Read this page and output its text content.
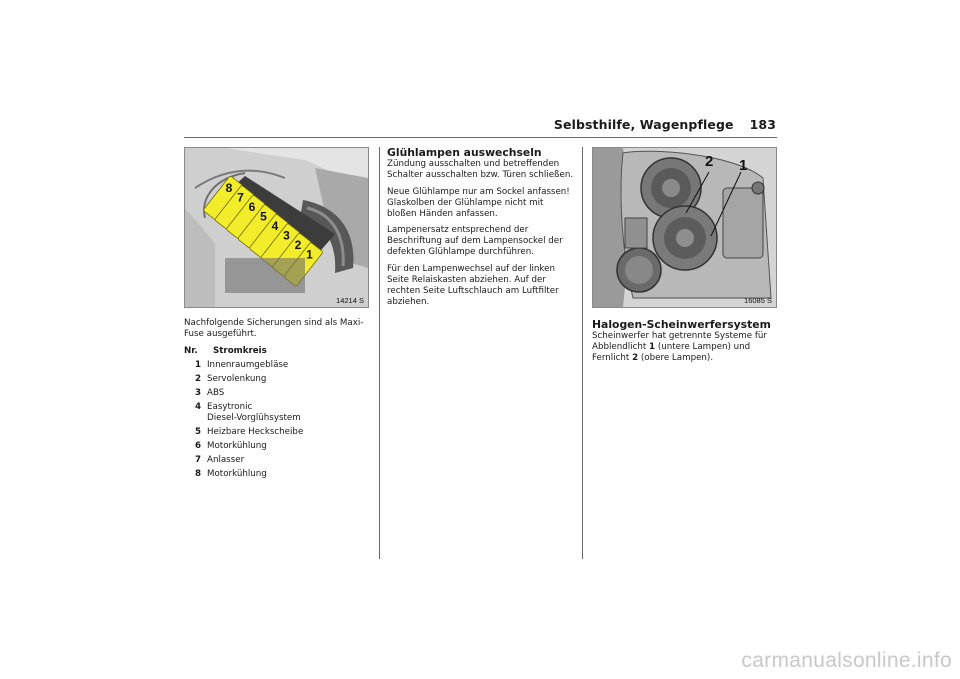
Selbsthilfe, Wagenpflege 183
8
7
6
5
4
3
2
1
14214 S

Nachfolgende Sicherungen sind als Maxi-Fuse ausgeführt.

Nr.	Stromkreis
1 Innenraumgebläse
2 Servolenkung
3 ABS
4 Easytronic
Diesel-Vorglühsystem
5 Heizbare Heckscheibe
6 Motorkühlung
7 Anlasser
8 Motorkühlung
Glühlampen auswechseln

Zündung ausschalten und betreffenden Schalter ausschalten bzw. Türen schließen.

Neue Glühlampe nur am Sockel anfassen! Glaskolben der Glühlampe nicht mit bloßen Händen anfassen.

Lampenersatz entsprechend der Beschriftung auf dem Lampensockel der defekten Glühlampe durchführen.

Für den Lampenwechsel auf der linken Seite Relaiskasten abziehen. Auf der rechten Seite Luftschlauch am Luftfilter abziehen.

2 1
16085 S
Halogen-Scheinwerfersystem

Scheinwerfer hat getrennte Systeme für Abblendlicht 1 (untere Lampen) und Fernlicht 2 (obere Lampen).

carmanualsonline.info
